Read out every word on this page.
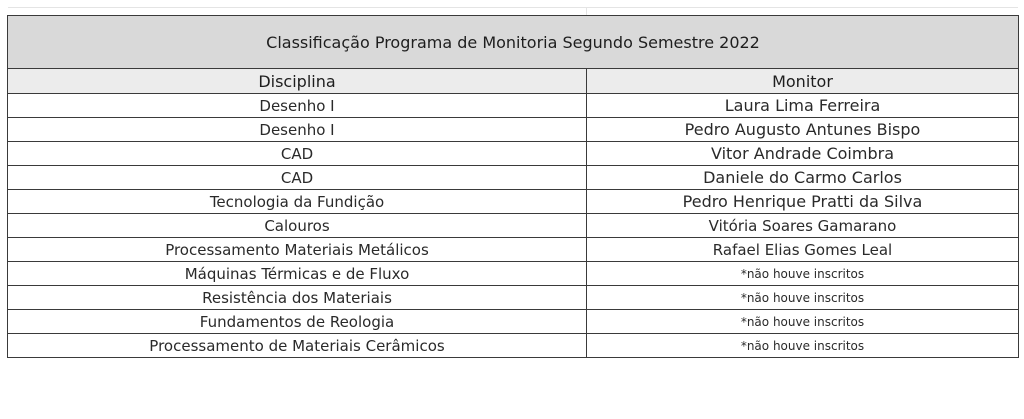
Classificação Programa de Monitoria Segundo Semestre 2022	
Disciplina	Monitor
Desenho I	Laura Lima Ferreira
Desenho I	Pedro Augusto Antunes Bispo
CAD	Vitor Andrade Coimbra
CAD	Daniele do Carmo Carlos
Tecnologia da Fundição	Pedro Henrique Pratti da Silva
Calouros	Vitória Soares Gamarano
Processamento Materiais Metálicos	Rafael Elias Gomes Leal
Máquinas Térmicas e de Fluxo	*não houve inscritos
Resistência dos Materiais	*não houve inscritos
Fundamentos de Reologia	*não houve inscritos
Processamento de Materiais Cerâmicos	*não houve inscritos
